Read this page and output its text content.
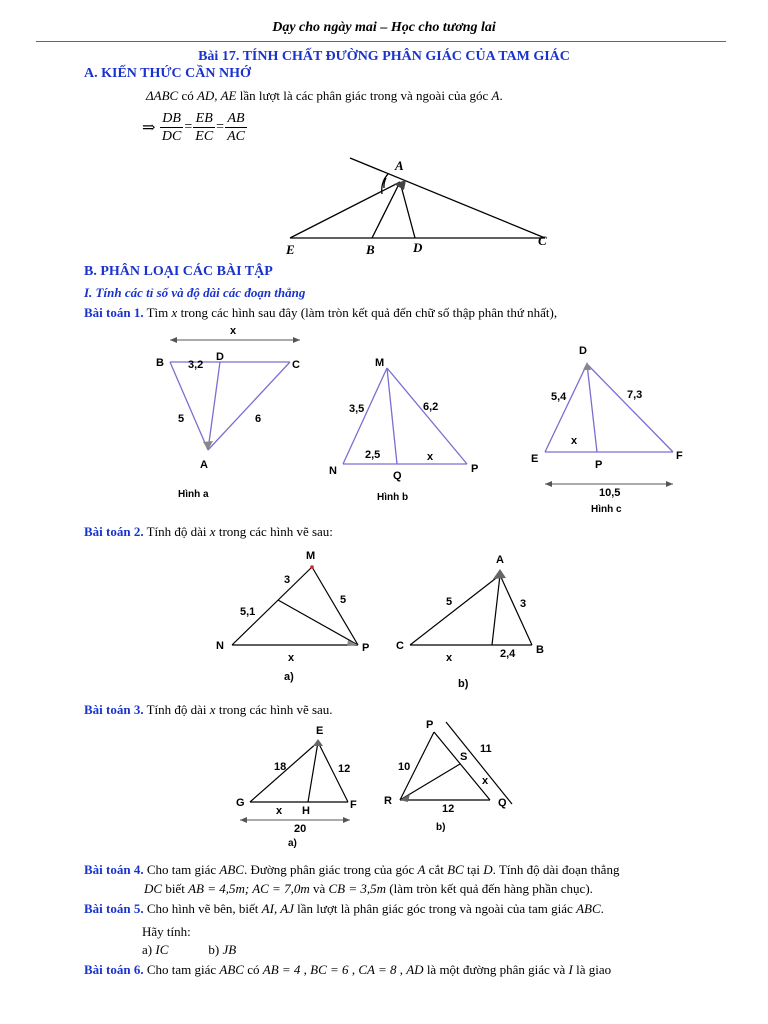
Dạy cho ngày mai – Học cho tương lai
Bài 17. TÍNH CHẤT ĐƯỜNG PHÂN GIÁC CỦA TAM GIÁC
A. KIẾN THỨC CẦN NHỚ
ΔABC có AD, AE lần lượt là các phân giác trong và ngoài của góc A.
⇒ $\frac{DB}{DC} = \frac{EB}{EC} = \frac{AB}{AC}$
A
E	B	D	C
B. PHÂN LOẠI CÁC BÀI TẬP
I. Tính các tỉ số và độ dài các đoạn thẳng
Bài toán 1. Tìm x trong các hình sau đây (làm tròn kết quả đến chữ số thập phân thứ nhất),
x
B	C
D
3,2
5	6
A
Hình a
M
N	Q
P
3,5	6,2
2,5	x
Hình b
D
E	P
F
5,4	7,3
x
10,5
Hình c
Bài toán 2. Tính độ dài x trong các hình vẽ sau:
M
N	P
3
5,1
5
x
a)
A
C	B
5	3
x	2,4
b)
Bài toán 3. Tính độ dài x trong các hình vẽ sau.
E
G
H	F
18	12
x
20
a)
P
S
R	Q
10
11
x
12
b)
Bài toán 4. Cho tam giác ABC. Đường phân giác trong của góc A cắt BC tại D. Tính độ dài đoạn thẳng
DC biết AB = 4,5m; AC = 7,0m và CB = 3,5m (làm tròn kết quả đến hàng phần chục).
Bài toán 5. Cho hình vẽ bên, biết AI, AJ lần lượt là phân giác góc trong và ngoài của tam giác ABC.
Hãy tính:
a) IC	b) JB
Bài toán 6. Cho tam giác ABC có AB = 4 , BC = 6 , CA = 8 , AD là một đường phân giác và I là giao
